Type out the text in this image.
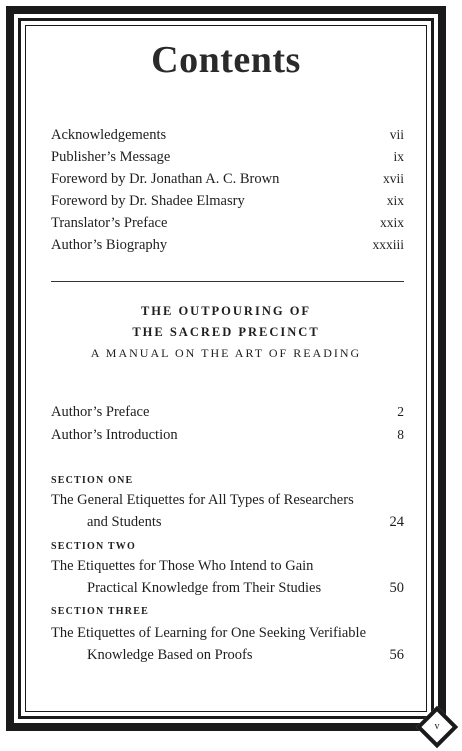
Contents
Acknowledgements	vii
Publisher’s Message	ix
Foreword by Dr. Jonathan A. C. Brown	xvii
Foreword by Dr. Shadee Elmasry	xix
Translator’s Preface	xxix
Author’s Biography	xxxiii
THE OUTPOURING OF
THE SACRED PRECINCT
A MANUAL ON THE ART OF READING
Author’s Preface	2
Author’s Introduction	8
SECTION ONE
The General Etiquettes for All Types of Researchers
and Students	24
SECTION TWO
The Etiquettes for Those Who Intend to Gain
Practical Knowledge from Their Studies	50
SECTION THREE
The Etiquettes of Learning for One Seeking Verifiable
Knowledge Based on Proofs	56
v
